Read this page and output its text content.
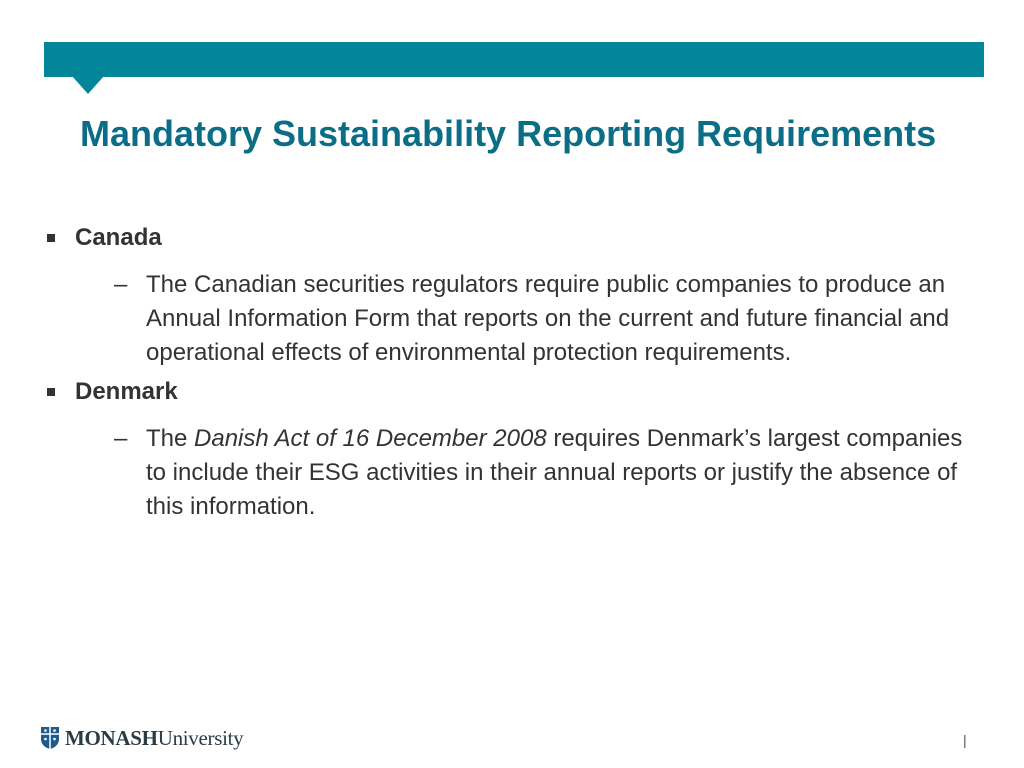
Mandatory Sustainability Reporting Requirements
Canada
– The Canadian securities regulators require public companies to produce an Annual Information Form that reports on the current and future financial and operational effects of environmental protection requirements.
Denmark
– The Danish Act of 16 December 2008 requires Denmark’s largest companies to include their ESG activities in their annual reports or justify the absence of this information.
MONASHUniversity	|
